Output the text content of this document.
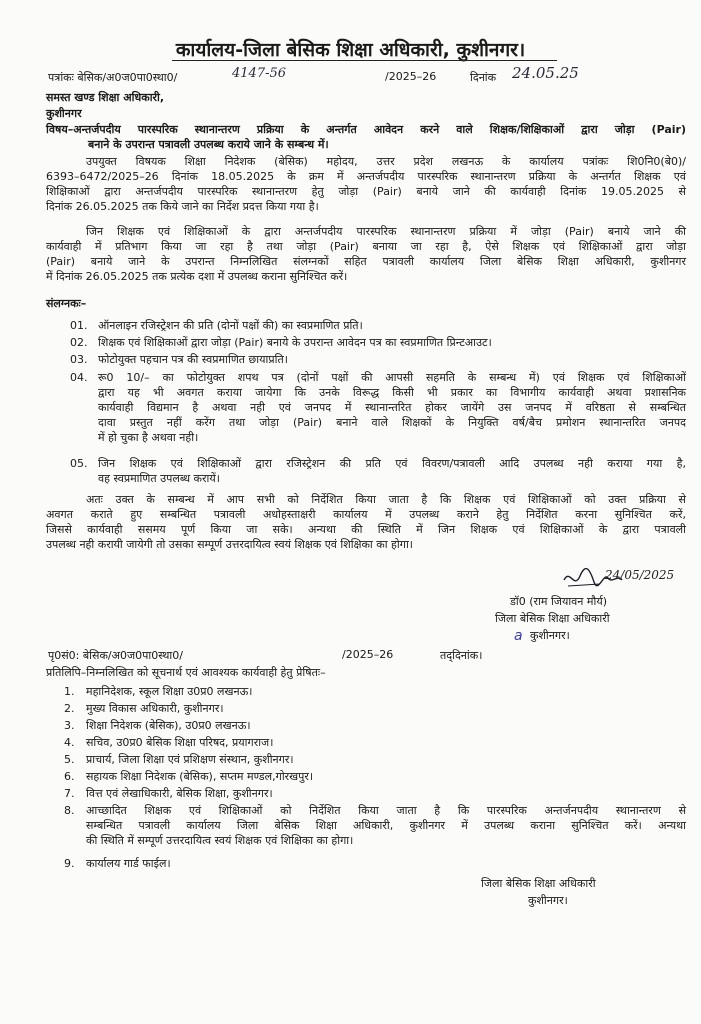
कार्यालय-जिला बेसिक शिक्षा अधिकारी, कुशीनगर।
पत्रांकः बेसिक/अ0ज0पा0स्था0/	4147-56	/2025–26	दिनांक 24.05.25
समस्त खण्ड शिक्षा अधिकारी,
कुशीनगर
विषय–अन्तर्जपदीय पारस्परिक स्थानान्तरण प्रक्रिया के अन्तर्गत आवेदन करने वाले शिक्षक/शिक्षिकाओं द्वारा जोड़ा (Pair)
बनाने के उपरान्त पत्रावली उपलब्ध कराये जाने के सम्बन्ध में।
उपयुक्त विषयक शिक्षा निदेशक (बेसिक) महोदय, उत्तर प्रदेश लखनऊ के कार्यालय पत्रांकः शि0नि0(बे0)/
6393–6472/2025–26 दिनांक 18.05.2025 के क्रम में अन्तर्जपदीय पारस्परिक स्थानान्तरण प्रक्रिया के अन्तर्गत शिक्षक एवं
शिक्षिकाओं द्वारा अन्तर्जपदीय पारस्परिक स्थानान्तरण हेतु जोड़ा (Pair) बनाये जाने की कार्यवाही दिनांक 19.05.2025 से
दिनांक 26.05.2025 तक किये जाने का निर्देश प्रदत्त किया गया है।
जिन शिक्षक एवं शिक्षिकाओं के द्वारा अन्तर्जपदीय पारस्परिक स्थानान्तरण प्रक्रिया में जोड़ा (Pair) बनाये जाने की
कार्यवाही में प्रतिभाग किया जा रहा है तथा जोड़ा (Pair) बनाया जा रहा है, ऐसे शिक्षक एवं शिक्षिकाओं द्वारा जोड़ा
(Pair) बनाये जाने के उपरान्त निम्नलिखित संलग्नकों सहित पत्रावली कार्यालय जिला बेसिक शिक्षा अधिकारी, कुशीनगर
में दिनांक 26.05.2025 तक प्रत्येक दशा में उपलब्ध कराना सुनिश्चित करें।
संलग्नकः–
01. ऑनलाइन रजिस्ट्रेशन की प्रति (दोनों पक्षों की) का स्वप्रमाणित प्रति।
02. शिक्षक एवं शिक्षिकाओं द्वारा जोड़ा (Pair) बनाये के उपरान्त आवेदन पत्र का स्वप्रमाणित प्रिन्टआउट।
03. फोटोयुक्त पहचान पत्र की स्वप्रमाणित छायाप्रति।
04. रू0 10/– का फोटोयुक्त शपथ पत्र (दोनों पक्षों की आपसी सहमति के सम्बन्ध में) एवं शिक्षक एवं शिक्षिकाओं
द्वारा यह भी अवगत कराया जायेगा कि उनके विरूद्ध किसी भी प्रकार का विभागीय कार्यवाही अथवा प्रशासनिक
कार्यवाही विद्यमान है अथवा नही एवं जनपद में स्थानान्तरित होकर जायेंगे उस जनपद में वरिष्ठता से सम्बन्धित
दावा प्रस्तुत नहीं करेंग तथा जोड़ा (Pair) बनाने वाले शिक्षकों के नियुक्ति वर्ष/बैच प्रमोशन स्थानान्तरित जनपद
में हो चुका है अथवा नही।
05. जिन शिक्षक एवं शिक्षिकाओं द्वारा रजिस्ट्रेशन की प्रति एवं विवरण/पत्रावली आदि उपलब्ध नही कराया गया है,
वह स्वप्रमाणित उपलब्ध करायें।
अतः उक्त के सम्बन्ध में आप सभी को निर्देशित किया जाता है कि शिक्षक एवं शिक्षिकाओं को उक्त प्रक्रिया से
अवगत कराते हुए सम्बन्धित पत्रावली अधोहस्ताक्षरी कार्यालय में उपलब्ध कराने हेतु निर्देशित करना सुनिश्चित करें,
जिससे कार्यवाही ससमय पूर्ण किया जा सके। अन्यथा की स्थिति में जिन शिक्षक एवं शिक्षिकाओं के द्वारा पत्रावली
उपलब्ध नही करायी जायेगी तो उसका सम्पूर्ण उत्तरदायित्व स्वयं शिक्षक एवं शिक्षिका का होगा।
24/05/2025
डॉ0 (राम जियावन मौर्य)
जिला बेसिक शिक्षा अधिकारी
a कुशीनगर।
पृ0सं0: बेसिक/अ0ज0पा0स्था0/	/2025–26	तद्‌दिनांक।
प्रतिलिपि–निम्नलिखित को सूचनार्थ एवं आवश्यक कार्यवाही हेतु प्रेषितः–
1. महानिदेशक, स्कूल शिक्षा उ0प्र0 लखनऊ।
2. मुख्य विकास अधिकारी, कुशीनगर।
3. शिक्षा निदेशक (बेसिक), उ0प्र0 लखनऊ।
4. सचिव, उ0प्र0 बेसिक शिक्षा परिषद, प्रयागराज।
5. प्राचार्य, जिला शिक्षा एवं प्रशिक्षण संस्थान, कुशीनगर।
6. सहायक शिक्षा निदेशक (बेसिक), सप्तम मण्डल,गोरखपुर।
7. वित्त एवं लेखाधिकारी, बेसिक शिक्षा, कुशीनगर।
8. आच्छादित शिक्षक एवं शिक्षिकाओं को निर्देशित किया जाता है कि पारस्परिक अन्तर्जनपदीय स्थानान्तरण से
सम्बन्धित पत्रावली कार्यालय जिला बेसिक शिक्षा अधिकारी, कुशीनगर में उपलब्ध कराना सुनिश्चित करें। अन्यथा
की स्थिति में सम्पूर्ण उत्तरदायित्व स्वयं शिक्षक एवं शिक्षिका का होगा।
9. कार्यालय गार्ड फाईल।
जिला बेसिक शिक्षा अधिकारी
कुशीनगर।
